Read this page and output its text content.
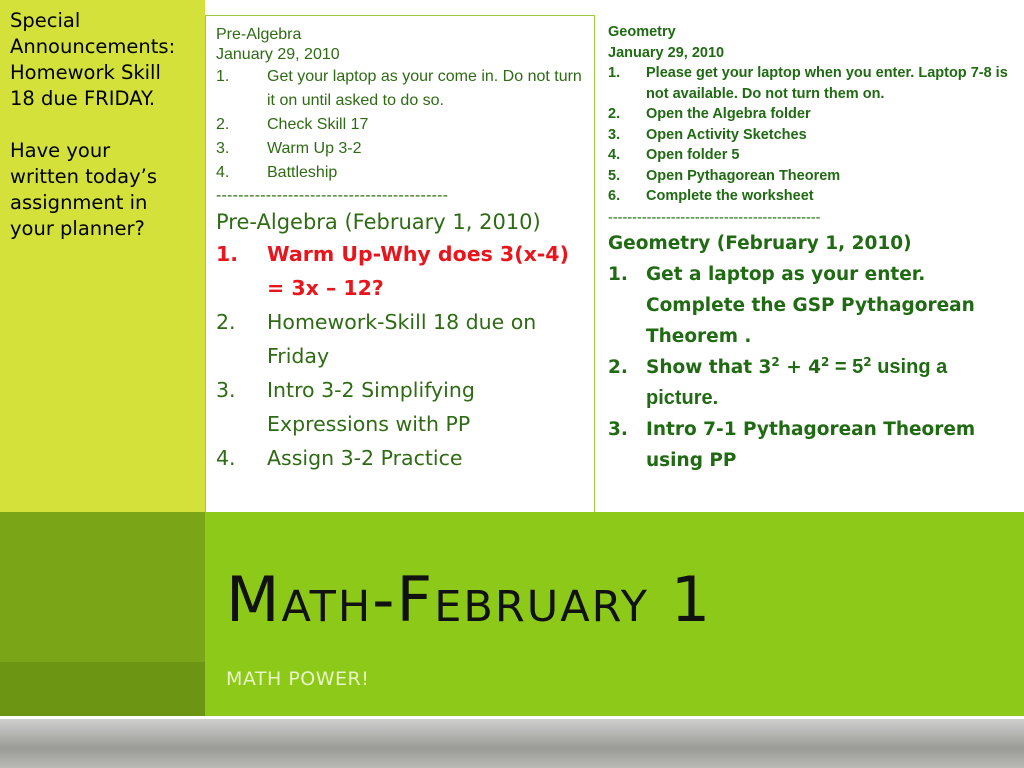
Special
Announcements:
Homework Skill
18 due FRIDAY.
Have your
written today’s
assignment in
your planner?
Pre-Algebra
January 29, 2010
1. Get your laptop as your come in. Do not turn it on until asked to do so.
2. Check Skill 17
3. Warm Up 3-2
4. Battleship
------------------------------------------
Pre-Algebra (February 1, 2010)
1. Warm Up-Why does 3(x-4) = 3x – 12?
2. Homework-Skill 18 due on Friday
3. Intro 3-2 Simplifying Expressions with PP
4. Assign 3-2 Practice
Geometry
January 29, 2010
1. Please get your laptop when you enter. Laptop 7-8 is not available. Do not turn them on.
2. Open the Algebra folder
3. Open Activity Sketches
4. Open folder 5
5. Open Pythagorean Theorem
6. Complete the worksheet
--------------------------------------------
Geometry (February 1, 2010)
1. Get a laptop as your enter. Complete the GSP Pythagorean Theorem .
2. Show that $3^2 + 4^2 = 5^2$ using a picture.
3. Intro 7-1 Pythagorean Theorem using PP
Math-February 1
MATH POWER!
